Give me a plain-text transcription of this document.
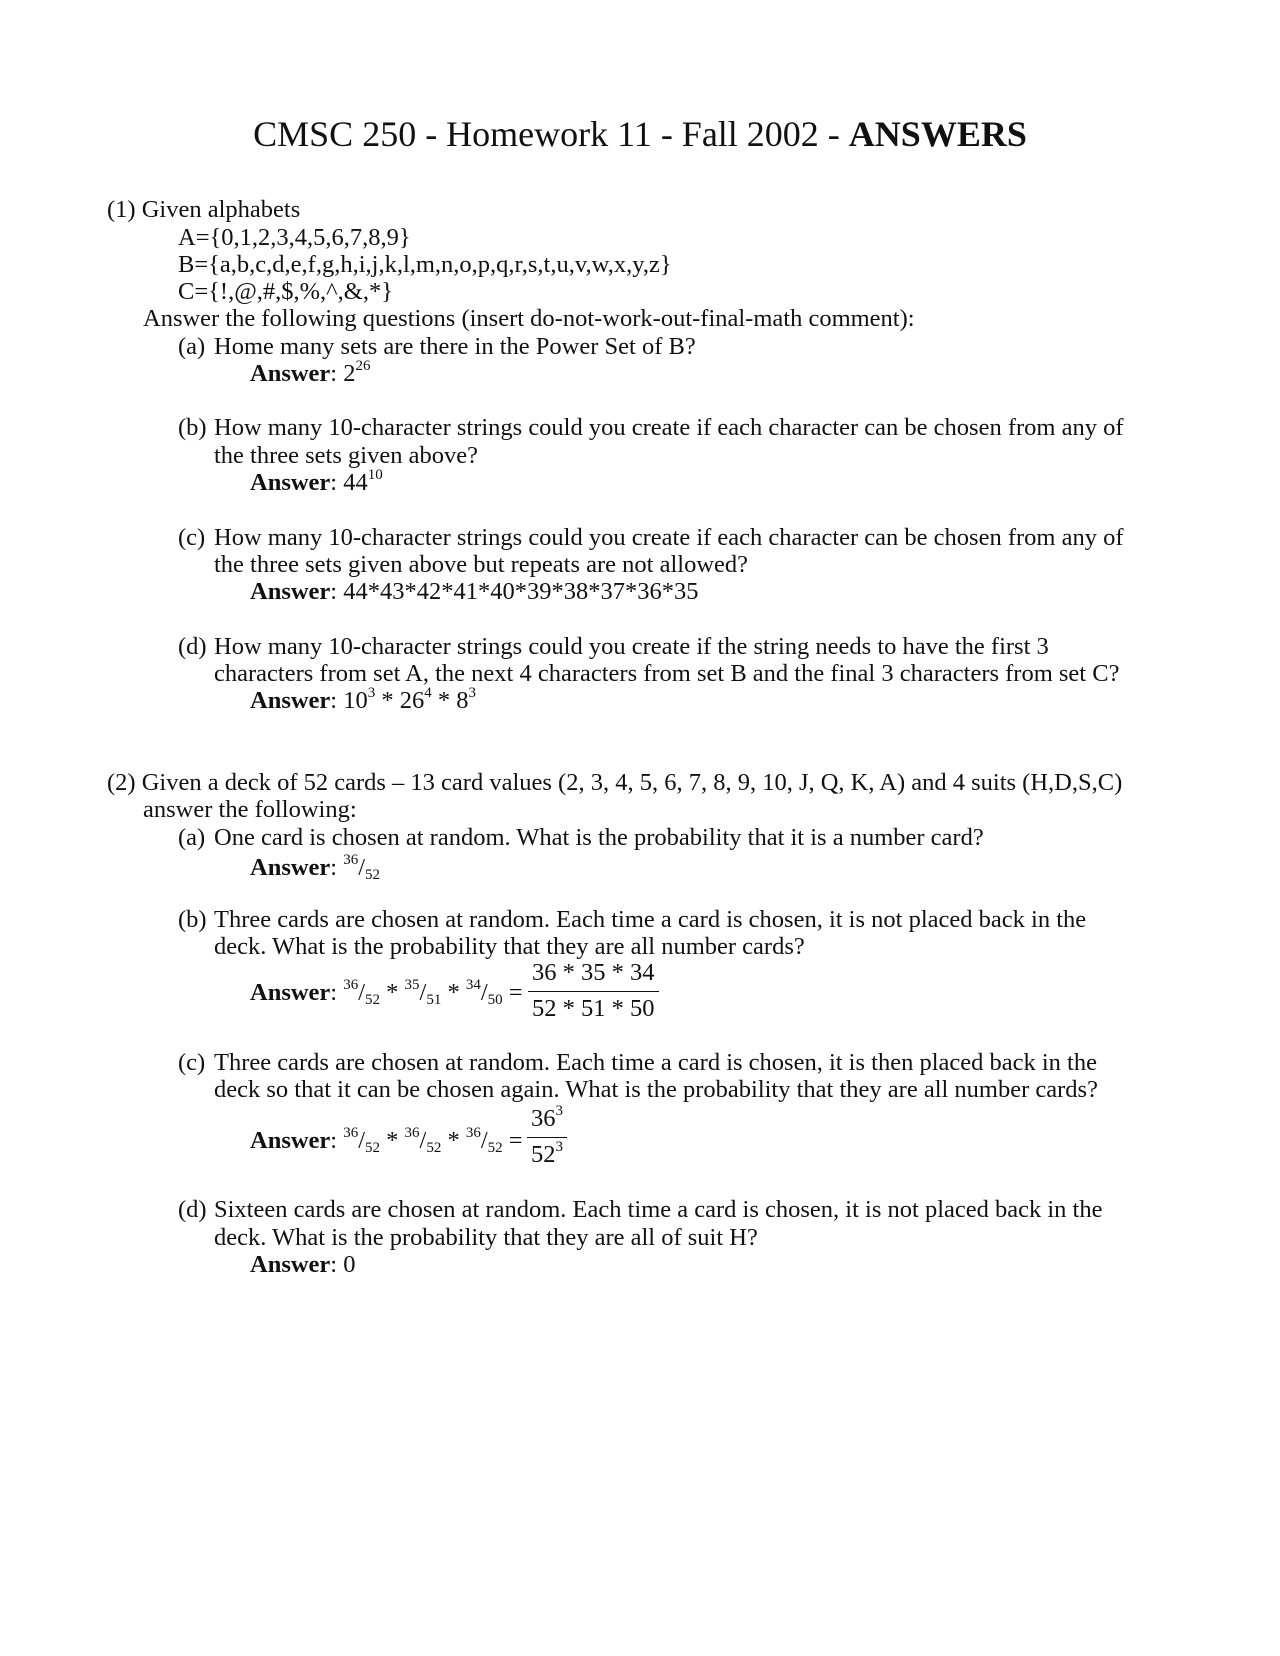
CMSC 250 - Homework 11 - Fall 2002 - ANSWERS
(1) Given alphabets
A={0,1,2,3,4,5,6,7,8,9}
B={a,b,c,d,e,f,g,h,i,j,k,l,m,n,o,p,q,r,s,t,u,v,w,x,y,z}
C={!,@,#,$,%,^,&,*}
Answer the following questions (insert do-not-work-out-final-math comment):
(a) Home many sets are there in the Power Set of B?
Answer: $2^{26}$
(b) How many 10-character strings could you create if each character can be chosen from any of
the three sets given above?
Answer: $44^{10}$
(c) How many 10-character strings could you create if each character can be chosen from any of
the three sets given above but repeats are not allowed?
Answer: 44*43*42*41*40*39*38*37*36*35
(d) How many 10-character strings could you create if the string needs to have the first 3
characters from set A, the next 4 characters from set B and the final 3 characters from set C?
Answer: $10^3 * 26^4 * 8^3$
(2) Given a deck of 52 cards – 13 card values (2, 3, 4, 5, 6, 7, 8, 9, 10, J, Q, K, A) and 4 suits (H,D,S,C)
answer the following:
(a) One card is chosen at random. What is the probability that it is a number card?
Answer: $^{36}$/52
(b) Three cards are chosen at random. Each time a card is chosen, it is not placed back in the
deck. What is the probability that they are all number cards?
Answer: $^{36}$/52 * $^{35}$/51 * $^{34}$/50 =
36 * 35 * 34
52 * 51 * 50
(c) Three cards are chosen at random. Each time a card is chosen, it is then placed back in the
deck so that it can be chosen again. What is the probability that they are all number cards?
Answer: $^{36}$/52 * $^{36}$/52 * $^{36}$/52 =
$36^3$
$52^3$
(d) Sixteen cards are chosen at random. Each time a card is chosen, it is not placed back in the
deck. What is the probability that they are all of suit H?
Answer: 0
